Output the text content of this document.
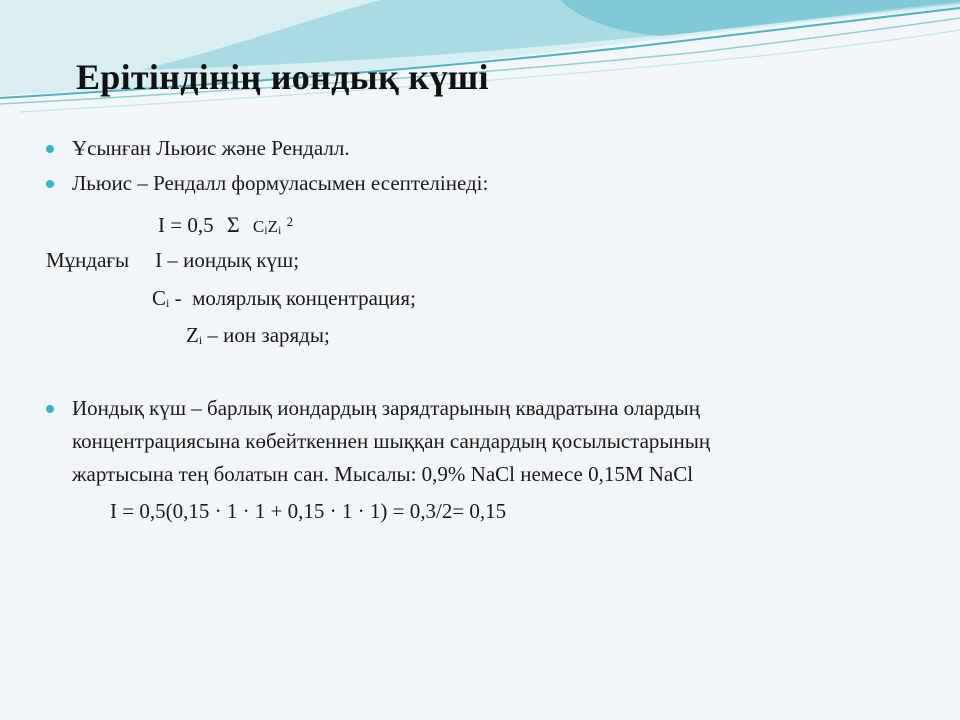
Ерітіндінің иондық күші
Ұсынған Льюис және Рендалл.
Льюис – Рендалл формуласымен есептелінеді:
I = 0,5 Σ CiZi $^2$
Мұндағы I – иондық күш;
Ci -  молярлық концентрация;
Zi – ион заряды;
Иондық күш – барлық иондардың зарядтарының квадратына олардың
концентрациясына көбейткеннен шыққан сандардың қосылыстарының
жартысына тең болатын сан. Мысалы: 0,9% NaCl немесе 0,15M NaCl
I = 0,5(0,15 · 1 · 1 + 0,15 · 1 · 1) = 0,3/2= 0,15
